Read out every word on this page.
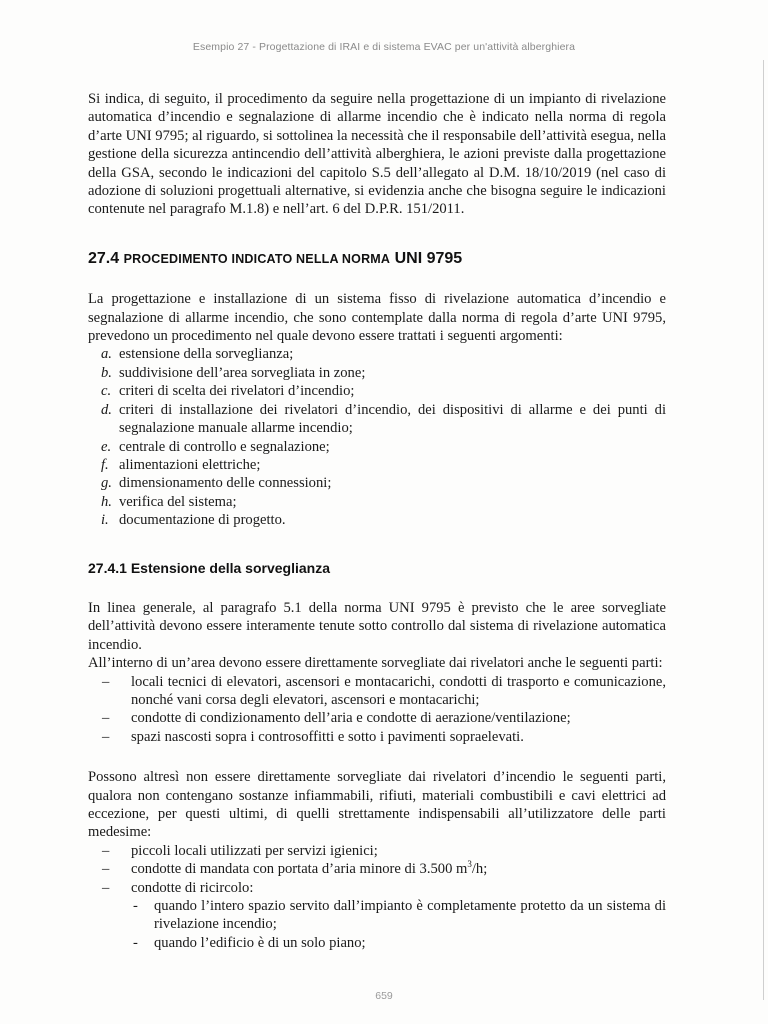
Esempio 27 - Progettazione di IRAI e di sistema EVAC per un'attività alberghiera

Si indica, di seguito, il procedimento da seguire nella progettazione di un impianto di rivelazione automatica d’incendio e segnalazione di allarme incendio che è indicato nella norma di regola d’arte UNI 9795; al riguardo, si sottolinea la necessità che il responsabile dell’attività esegua, nella gestione della sicurezza antincendio dell’attività alberghiera, le azioni previste dalla progettazione della GSA, secondo le indicazioni del capitolo S.5 dell’allegato al D.M. 18/10/2019 (nel caso di adozione di soluzioni progettuali alternative, si evidenzia anche che bisogna seguire le indicazioni contenute nel paragrafo M.1.8) e nell’art. 6 del D.P.R. 151/2011.

27.4 PROCEDIMENTO INDICATO NELLA NORMA UNI 9795

La progettazione e installazione di un sistema fisso di rivelazione automatica d’incendio e segnalazione di allarme incendio, che sono contemplate dalla norma di regola d’arte UNI 9795, prevedono un procedimento nel quale devono essere trattati i seguenti argomenti:

a. estensione della sorveglianza;
b. suddivisione dell’area sorvegliata in zone;
c. criteri di scelta dei rivelatori d’incendio;
d. criteri di installazione dei rivelatori d’incendio, dei dispositivi di allarme e dei punti di segnalazione manuale allarme incendio;
e. centrale di controllo e segnalazione;
f. alimentazioni elettriche;
g. dimensionamento delle connessioni;
h. verifica del sistema;
i. documentazione di progetto.
27.4.1 Estensione della sorveglianza

In linea generale, al paragrafo 5.1 della norma UNI 9795 è previsto che le aree sorvegliate dell’attività devono essere interamente tenute sotto controllo dal sistema di rivelazione automatica incendio.

All’interno di un’area devono essere direttamente sorvegliate dai rivelatori anche le seguenti parti:

– locali tecnici di elevatori, ascensori e montacarichi, condotti di trasporto e comunicazione, nonché vani corsa degli elevatori, ascensori e montacarichi;
– condotte di condizionamento dell’aria e condotte di aerazione/ventilazione;
– spazi nascosti sopra i controsoffitti e sotto i pavimenti sopraelevati.

Possono altresì non essere direttamente sorvegliate dai rivelatori d’incendio le seguenti parti, qualora non contengano sostanze infiammabili, rifiuti, materiali combustibili e cavi elettrici ad eccezione, per questi ultimi, di quelli strettamente indispensabili all’utilizzatore delle parti medesime:

– piccoli locali utilizzati per servizi igienici;
– condotte di mandata con portata d’aria minore di 3.500 $m^3/h$;
– condotte di ricircolo:
- quando l’intero spazio servito dall’impianto è completamente protetto da un sistema di rivelazione incendio;
- quando l’edificio è di un solo piano;
659
